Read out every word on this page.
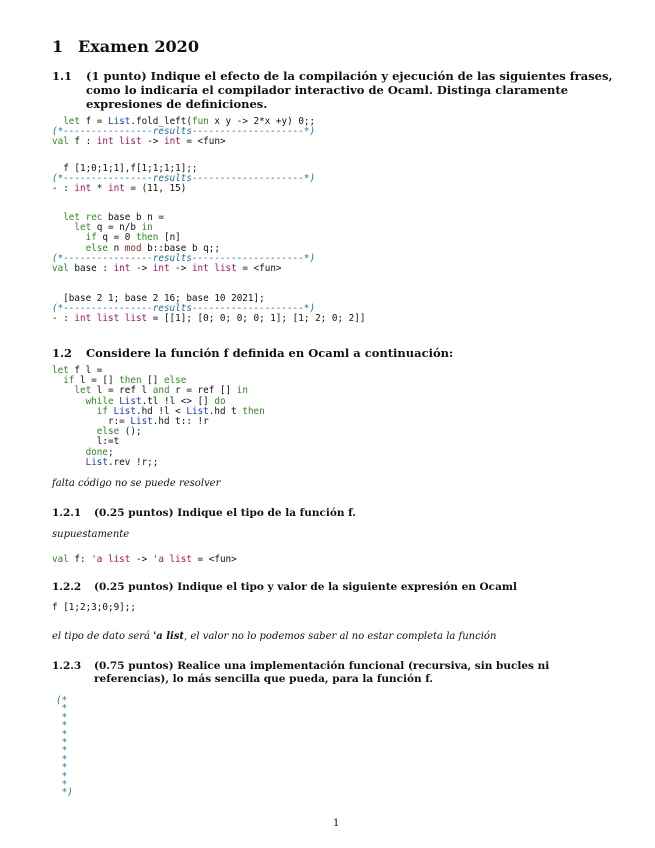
1 Examen 2020
1.1 (1 punto) Indique el efecto de la compilación y ejecución de las siguientes frases, como lo indicaría el compilador interactivo de Ocaml. Distinga claramente expresiones de definiciones.
let f = List.fold_left(fun x y -> 2*x +y) 0;;
(*----------------results--------------------*)
val f : int list -> int = <fun>
f [1;0;1;1],f[1;1;1;1];;
(*----------------results--------------------*)
- : int * int = (11, 15)
let rec base b n =
let q = n/b in
if q = 0 then [n]
else n mod b::base b q;;
(*----------------results--------------------*)
val base : int -> int -> int list = <fun>
[base 2 1; base 2 16; base 10 2021];
(*----------------results--------------------*)
- : int list list = [[1]; [0; 0; 0; 0; 1]; [1; 2; 0; 2]]
1.2 Considere la función f definida en Ocaml a continuación:
let f l =
if l = [] then [] else
let l = ref l and r = ref [] in
while List.tl !l <> [] do
if List.hd !l < List.hd t then
r:= List.hd t:: !r
else ();
l:=t
done;
List.rev !r;;
falta código no se puede resolver
1.2.1 (0.25 puntos) Indique el tipo de la función f.
supuestamente
val f: 'a list -> 'a list = <fun>
1.2.2 (0.25 puntos) Indique el tipo y valor de la siguiente expresión en Ocaml
f [1;2;3;0;9];;
el tipo de dato será 'a list, el valor no lo podemos saber al no estar completa la función
1.2.3 (0.75 puntos) Realice una implementación funcional (recursiva, sin bucles ni referencias), lo más sencilla que pueda, para la función f.
(*
*
*
*
*
*
*
*
*
*
*
*)
1
